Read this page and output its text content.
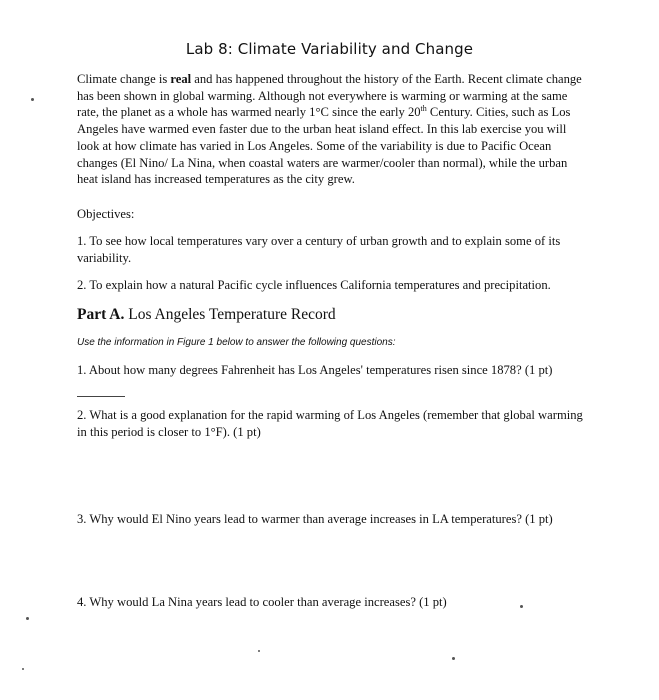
Lab 8: Climate Variability and Change
Climate change is real and has happened throughout the history of the Earth. Recent climate change has been shown in global warming. Although not everywhere is warming or warming at the same rate, the planet as a whole has warmed nearly 1°C since the early 20th Century. Cities, such as Los Angeles have warmed even faster due to the urban heat island effect. In this lab exercise you will look at how climate has varied in Los Angeles. Some of the variability is due to Pacific Ocean changes (El Nino/ La Nina, when coastal waters are warmer/cooler than normal), while the urban heat island has increased temperatures as the city grew.
Objectives:
1. To see how local temperatures vary over a century of urban growth and to explain some of its variability.
2. To explain how a natural Pacific cycle influences California temperatures and precipitation.
Part A. Los Angeles Temperature Record
Use the information in Figure 1 below to answer the following questions:
1. About how many degrees Fahrenheit has Los Angeles' temperatures risen since 1878? (1 pt)
2. What is a good explanation for the rapid warming of Los Angeles (remember that global warming in this period is closer to 1°F). (1 pt)
3. Why would El Nino years lead to warmer than average increases in LA temperatures? (1 pt)
4. Why would La Nina years lead to cooler than average increases? (1 pt)
